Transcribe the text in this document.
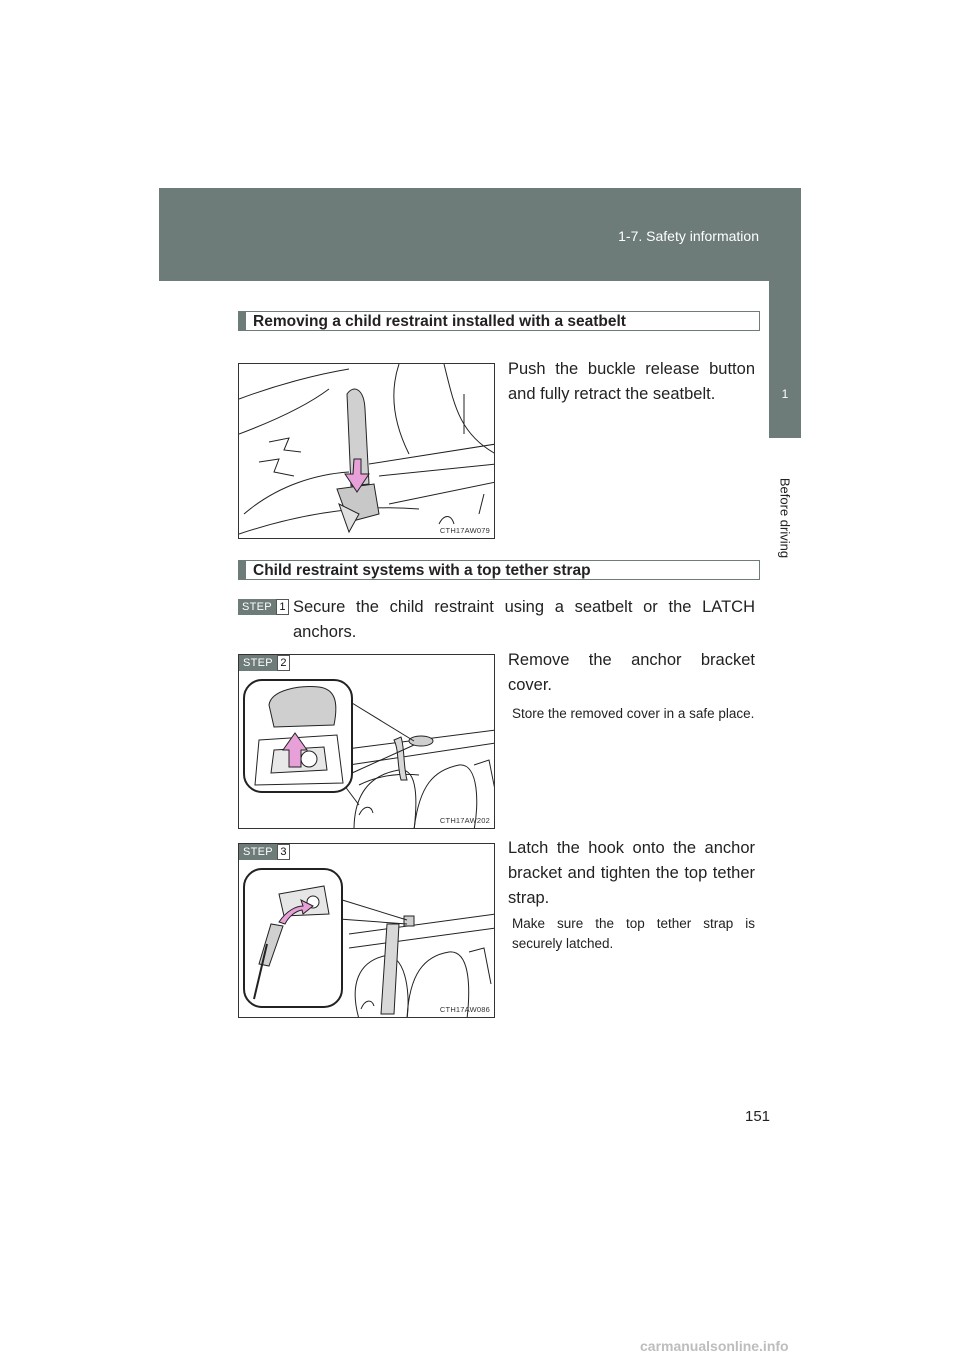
1-7. Safety information
1
Before driving
Removing a child restraint installed with a seatbelt
CTH17AW079
Push the buckle release button and fully retract the seatbelt.
Child restraint systems with a top tether strap
STEP 1 Secure the child restraint using a seatbelt or the LATCH anchors.
CTH17AW202
STEP 2	Remove the anchor bracket cover.
Store the removed cover in a safe place.
CTH17AW086
STEP 3	Latch the hook onto the anchor bracket and tighten the top tether strap.
Make sure the top tether strap is securely latched.
151
carmanualsonline.info
